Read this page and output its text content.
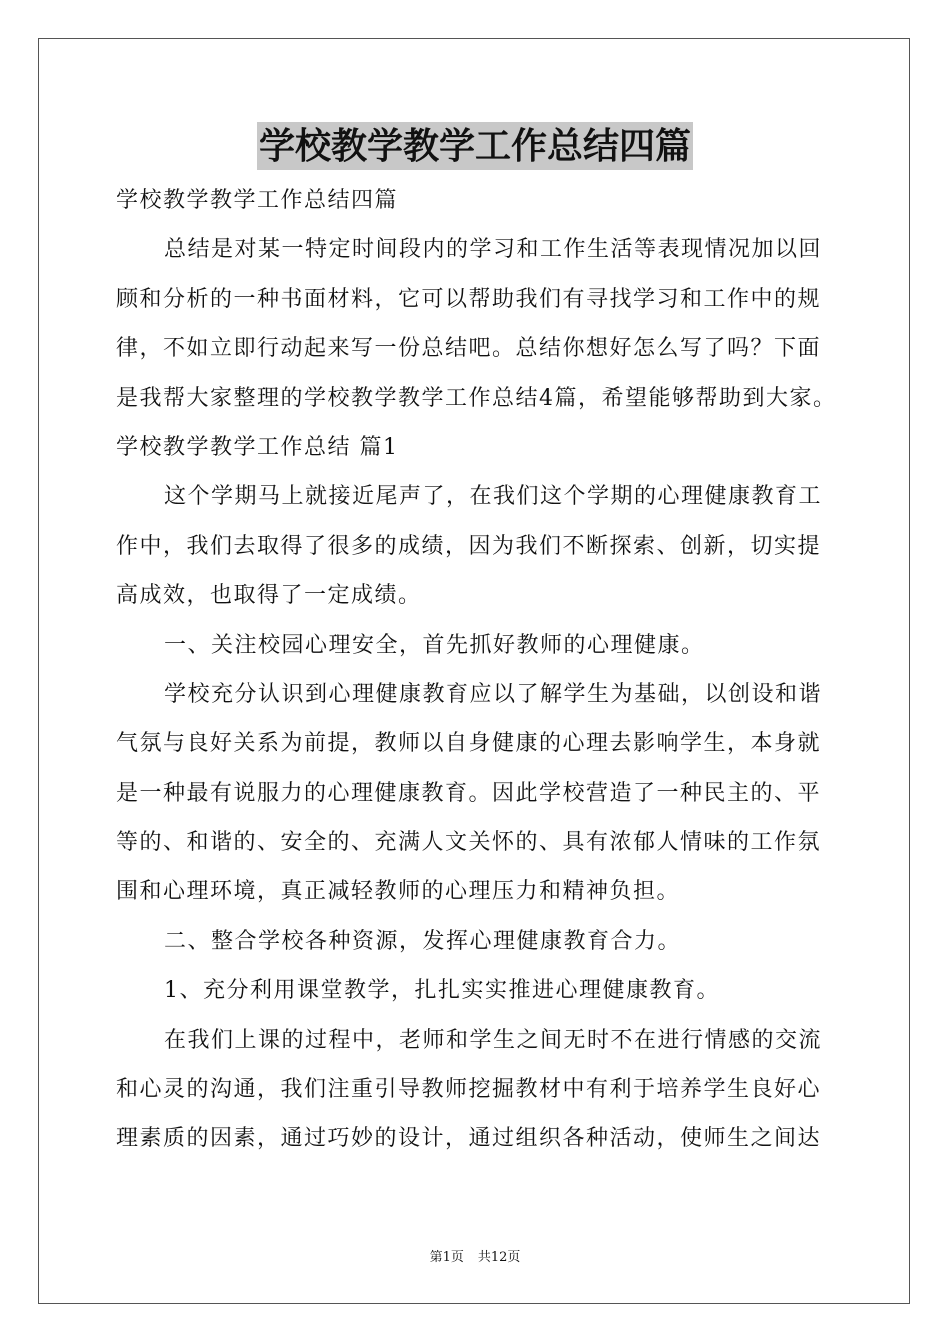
学校教学教学工作总结四篇
学校教学教学工作总结四篇
总结是对某一特定时间段内的学习和工作生活等表现情况加以回
顾和分析的一种书面材料，它可以帮助我们有寻找学习和工作中的规
律，不如立即行动起来写一份总结吧。总结你想好怎么写了吗？下面
是我帮大家整理的学校教学教学工作总结4篇，希望能够帮助到大家。
学校教学教学工作总结 篇1
这个学期马上就接近尾声了，在我们这个学期的心理健康教育工
作中，我们去取得了很多的成绩，因为我们不断探索、创新，切实提
高成效，也取得了一定成绩。
一、关注校园心理安全，首先抓好教师的心理健康。
学校充分认识到心理健康教育应以了解学生为基础，以创设和谐
气氛与良好关系为前提，教师以自身健康的心理去影响学生，本身就
是一种最有说服力的心理健康教育。因此学校营造了一种民主的、平
等的、和谐的、安全的、充满人文关怀的、具有浓郁人情味的工作氛
围和心理环境，真正减轻教师的心理压力和精神负担。
二、整合学校各种资源，发挥心理健康教育合力。
1、充分利用课堂教学，扎扎实实推进心理健康教育。
在我们上课的过程中，老师和学生之间无时不在进行情感的交流
和心灵的沟通，我们注重引导教师挖掘教材中有利于培养学生良好心
理素质的因素，通过巧妙的设计，通过组织各种活动，使师生之间达
第1页 共12页
